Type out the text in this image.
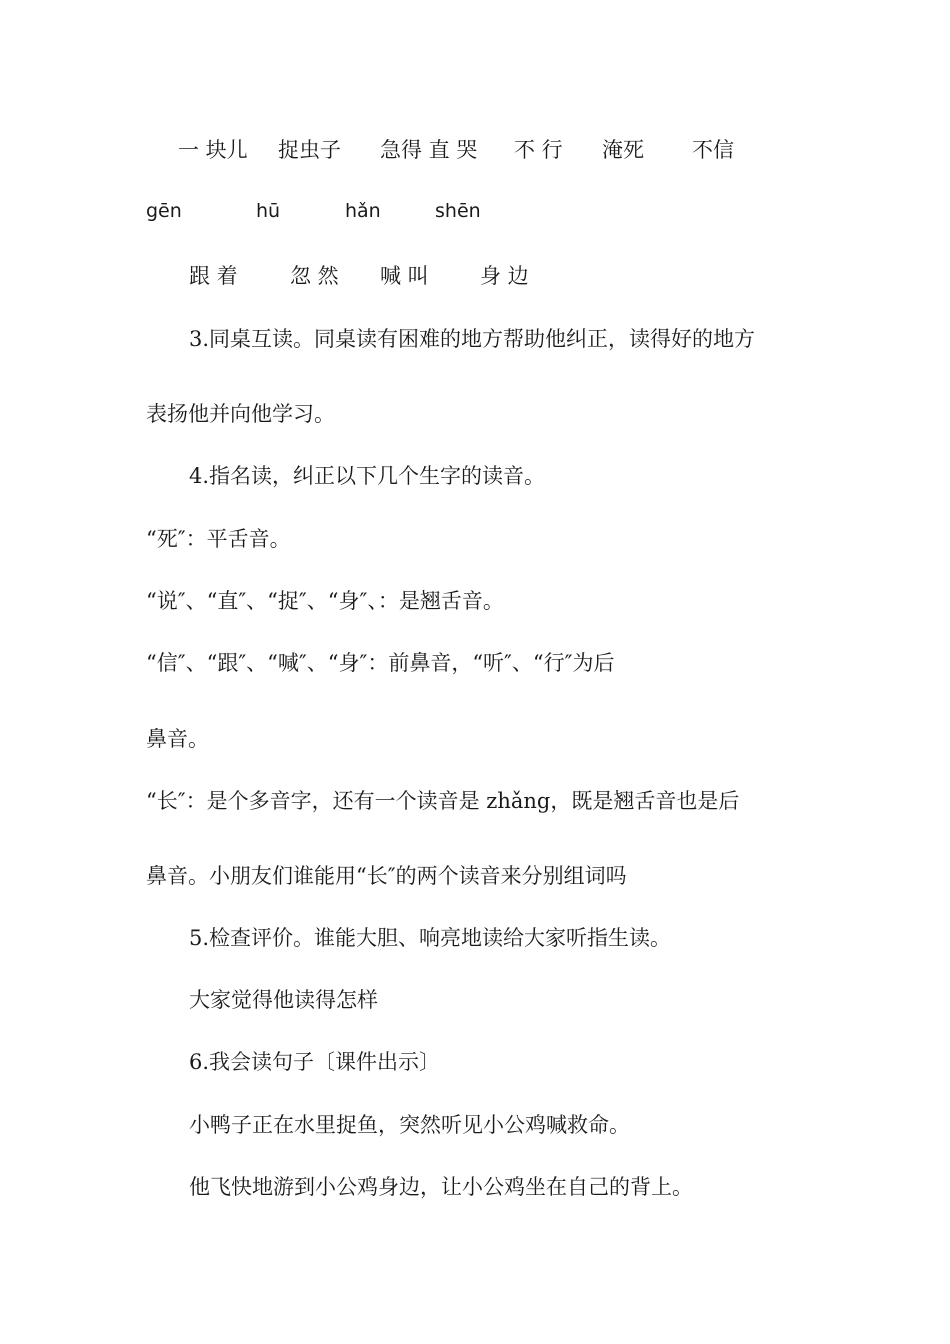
一 块儿 捉虫子 急得 直 哭 不 行 淹死 不信
gēn	hū	hǎn	shēn
跟 着 忽 然 喊 叫 身 边
3.同桌互读。同桌读有困难的地方帮助他纠正，读得好的地方
表扬他并向他学习。
4.指名读，纠正以下几个生字的读音。
“死″：平舌音。
“说″、“直″、“捉″、“身″、：是翘舌音。
“信″、“跟″、“喊″、“身″：前鼻音，“听″、“行″为后
鼻音。
“长″：是个多音字，还有一个读音是 zhǎng，既是翘舌音也是后
鼻音。小朋友们谁能用“长″的两个读音来分别组词吗
5.检查评价。谁能大胆、响亮地读给大家听指生读。
大家觉得他读得怎样
6.我会读句子〔课件出示〕
小鸭子正在水里捉鱼，突然听见小公鸡喊救命。
他飞快地游到小公鸡身边，让小公鸡坐在自己的背上。
